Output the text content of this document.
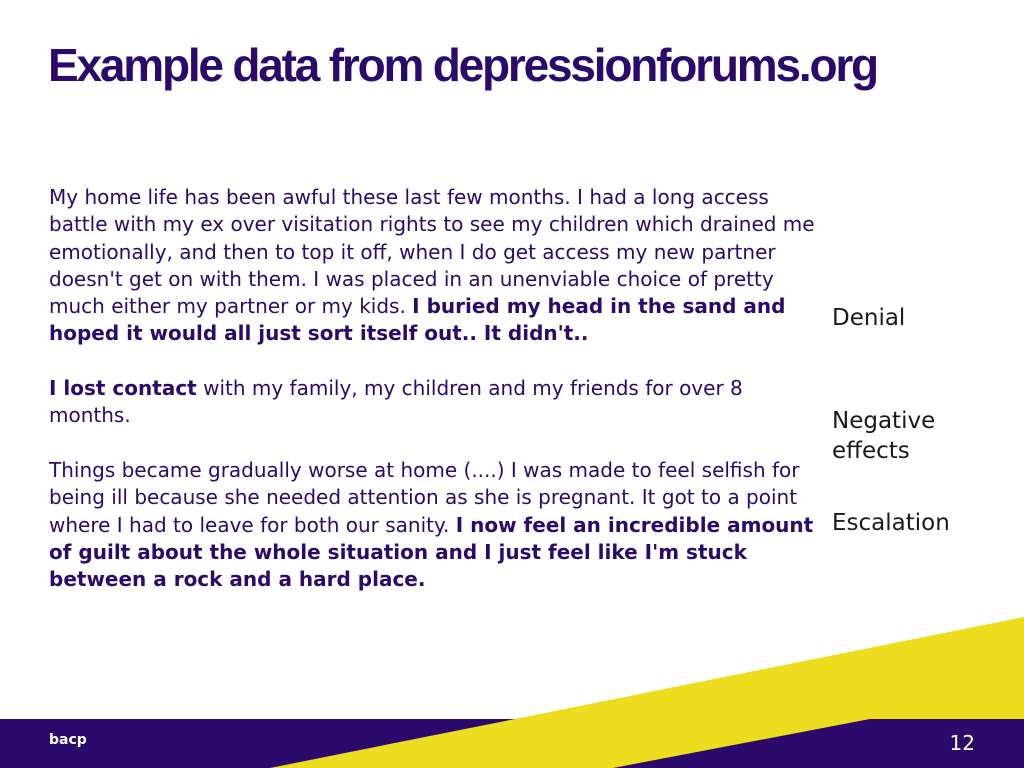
Example data from depressionforums.org

My home life has been awful these last few months. I had a long access battle with my ex over visitation rights to see my children which drained me emotionally, and then to top it off, when I do get access my new partner doesn't get on with them. I was placed in an unenviable choice of pretty much either my partner or my kids. I buried my head in the sand and hoped it would all just sort itself out.. It didn't..

I lost contact with my family, my children and my friends for over 8 months.

Things became gradually worse at home (....) I was made to feel selfish for being ill because she needed attention as she is pregnant. It got to a point where I had to leave for both our sanity. I now feel an incredible amount of guilt about the whole situation and I just feel like I'm stuck between a rock and a hard place.

Denial

Negative effects

Escalation

bacp	12
